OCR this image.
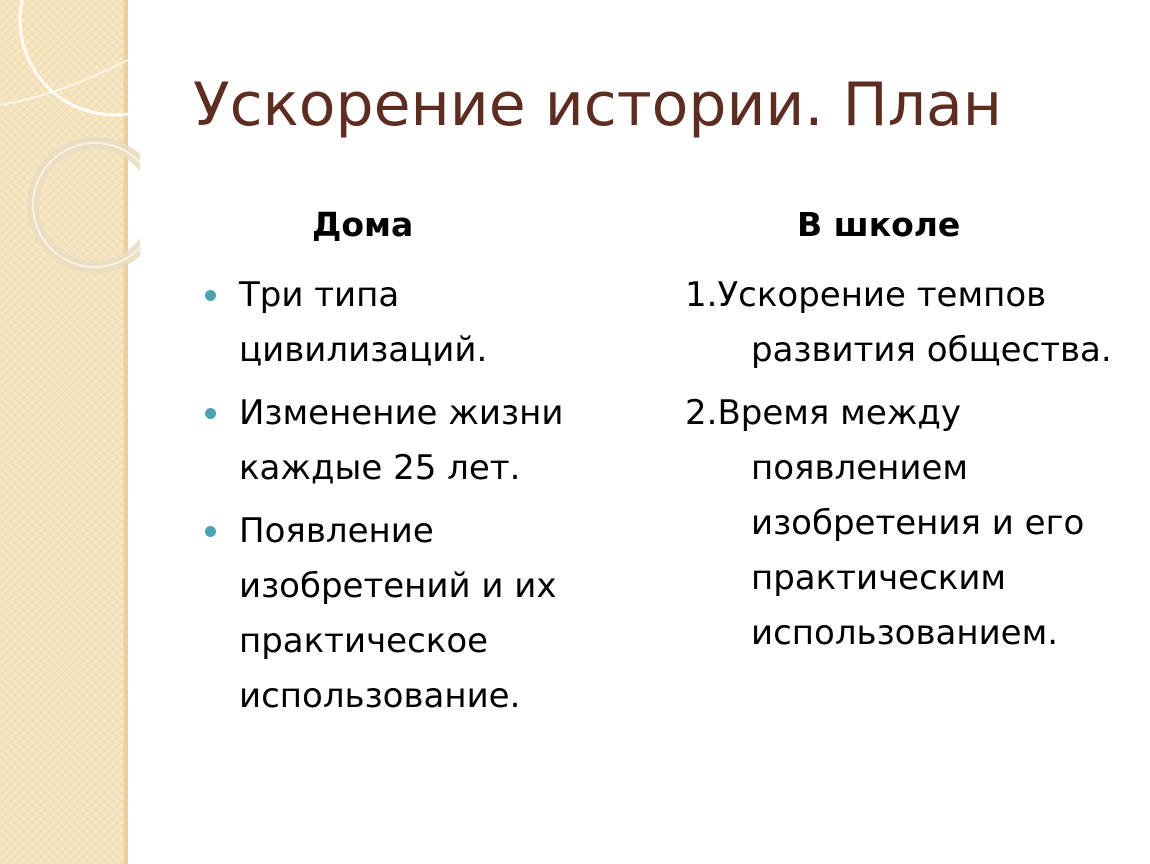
Ускорение истории. План
Дома	В школе
Три типа цивилизаций.
Изменение жизни каждые 25 лет.
Появление изобретений и их практическое использование.
1.Ускорение темпов развития общества.
2.Время между появлением изобретения и его практическим использованием.
